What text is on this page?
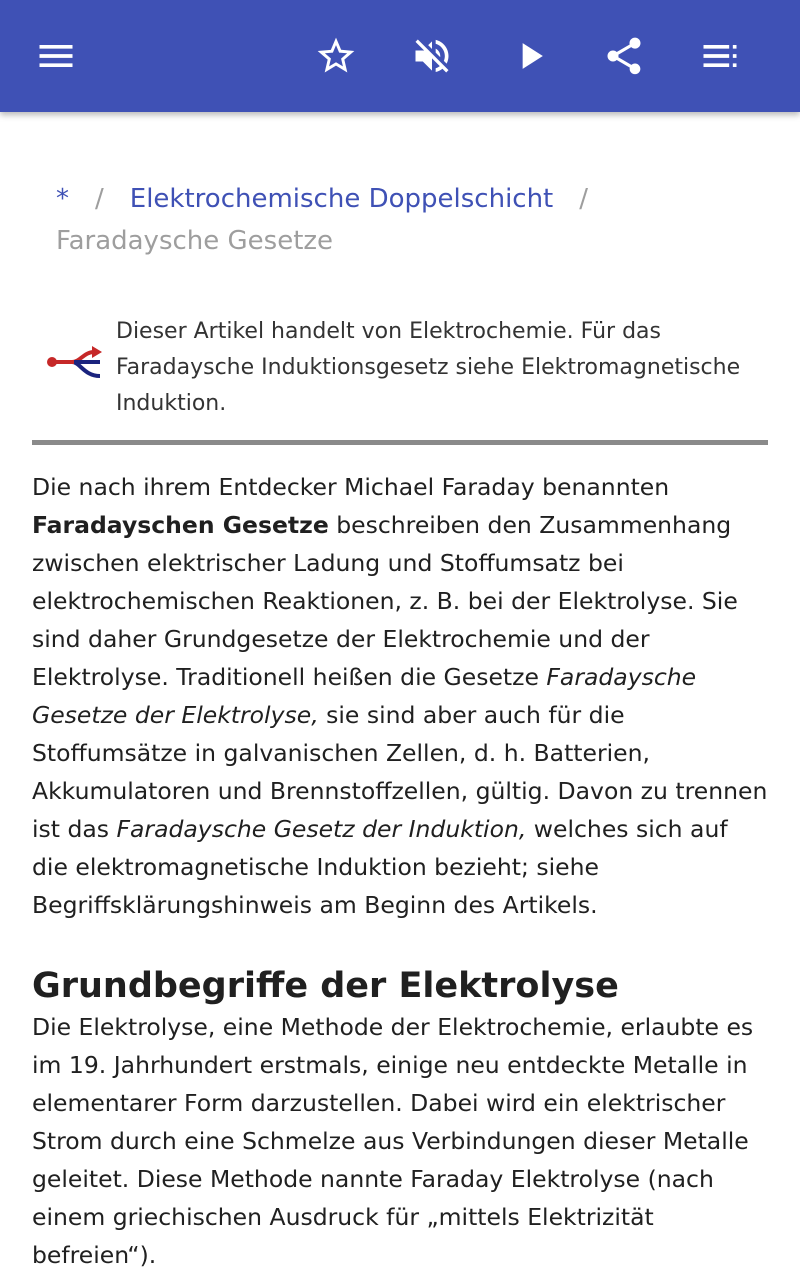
* / Elektrochemische Doppelschicht /
Faradaysche Gesetze
Dieser Artikel handelt von Elektrochemie. Für das Faradaysche Induktionsgesetz siehe Elektromagnetische Induktion.

Die nach ihrem Entdecker Michael Faraday benannten Faradayschen Gesetze beschreiben den Zusammenhang zwischen elektrischer Ladung und Stoffumsatz bei elektrochemischen Reaktionen, z. B. bei der Elektrolyse. Sie sind daher Grundgesetze der Elektrochemie und der Elektrolyse. Traditionell heißen die Gesetze Faradaysche Gesetze der Elektrolyse, sie sind aber auch für die Stoffumsätze in galvanischen Zellen, d. h. Batterien, Akkumulatoren und Brennstoffzellen, gültig. Davon zu trennen ist das Faradaysche Gesetz der Induktion, welches sich auf die elektromagnetische Induktion bezieht; siehe Begriffsklärungshinweis am Beginn des Artikels.

Grundbegriffe der Elektrolyse

Die Elektrolyse, eine Methode der Elektrochemie, erlaubte es im 19. Jahrhundert erstmals, einige neu entdeckte Metalle in elementarer Form darzustellen. Dabei wird ein elektrischer Strom durch eine Schmelze aus Verbindungen dieser Metalle geleitet. Diese Methode nannte Faraday Elektrolyse (nach einem griechischen Ausdruck für „mittels Elektrizität befreien“).
